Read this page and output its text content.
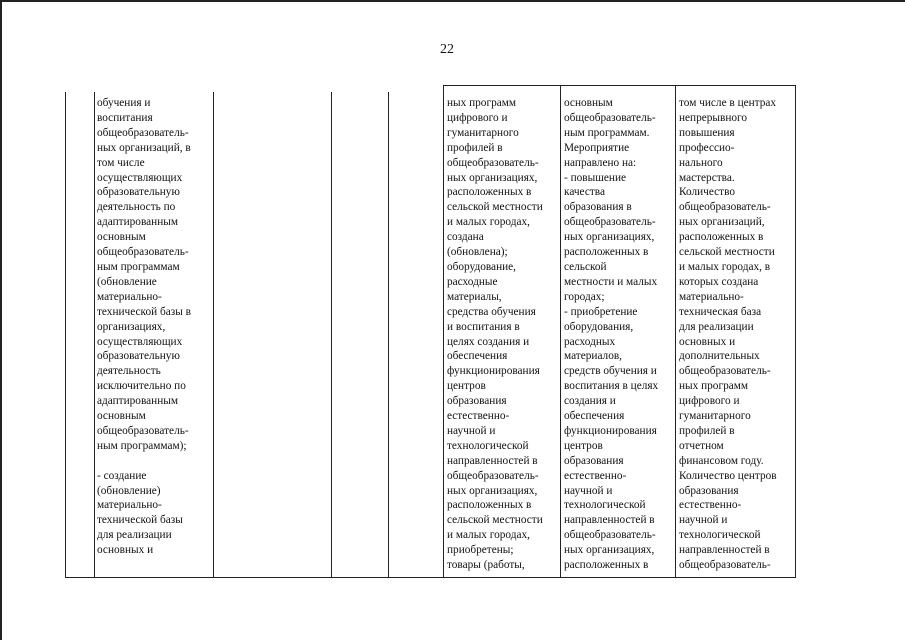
22
обучения и
воспитания
общеобразователь-
ных организаций, в
том числе
осуществляющих
образовательную
деятельность по
адаптированным
основным
общеобразователь-
ным программам
(обновление
материально-
технической базы в
организациях,
осуществляющих
образовательную
деятельность
исключительно по
адаптированным
основным
общеобразователь-
ным программам);

- создание
(обновление)
материально-
технической базы
для реализации
основных и
ных программ
цифрового и
гуманитарного
профилей в
общеобразователь-
ных организациях,
расположенных в
сельской местности
и малых городах,
создана
(обновлена);
оборудование,
расходные
материалы,
средства обучения
и воспитания в
целях создания и
обеспечения
функционирования
центров
образования
естественно-
научной и
технологической
направленностей в
общеобразователь-
ных организациях,
расположенных в
сельской местности
и малых городах,
приобретены;
товары (работы,
основным
общеобразователь-
ным программам.
Мероприятие
направлено на:
- повышение
качества
образования в
общеобразователь-
ных организациях,
расположенных в
сельской
местности и малых
городах;
- приобретение
оборудования,
расходных
материалов,
средств обучения и
воспитания в целях
создания и
обеспечения
функционирования
центров
образования
естественно-
научной и
технологической
направленностей в
общеобразователь-
ных организациях,
расположенных в
том числе в центрах
непрерывного
повышения
профессио-
нального
мастерства.
Количество
общеобразователь-
ных организаций,
расположенных в
сельской местности
и малых городах, в
которых создана
материально-
техническая база
для реализации
основных и
дополнительных
общеобразователь-
ных программ
цифрового и
гуманитарного
профилей в
отчетном
финансовом году.
Количество центров
образования
естественно-
научной и
технологической
направленностей в
общеобразователь-
